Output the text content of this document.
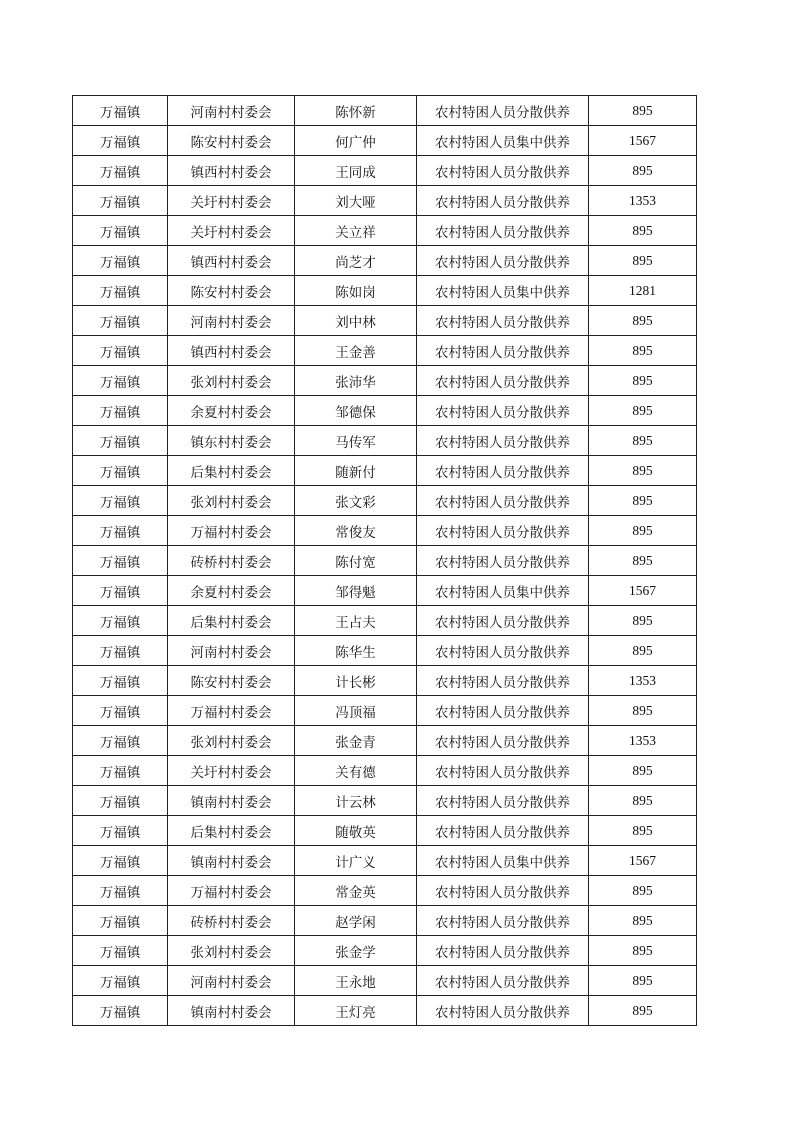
万福镇	河南村村委会	陈怀新	农村特困人员分散供养	895
万福镇	陈安村村委会	何广仲	农村特困人员集中供养	1567
万福镇	镇西村村委会	王同成	农村特困人员分散供养	895
万福镇	关圩村村委会	刘大哑	农村特困人员分散供养	1353
万福镇	关圩村村委会	关立祥	农村特困人员分散供养	895
万福镇	镇西村村委会	尚芝才	农村特困人员分散供养	895
万福镇	陈安村村委会	陈如岗	农村特困人员集中供养	1281
万福镇	河南村村委会	刘中林	农村特困人员分散供养	895
万福镇	镇西村村委会	王金善	农村特困人员分散供养	895
万福镇	张刘村村委会	张沛华	农村特困人员分散供养	895
万福镇	余夏村村委会	邹德保	农村特困人员分散供养	895
万福镇	镇东村村委会	马传军	农村特困人员分散供养	895
万福镇	后集村村委会	随新付	农村特困人员分散供养	895
万福镇	张刘村村委会	张文彩	农村特困人员分散供养	895
万福镇	万福村村委会	常俊友	农村特困人员分散供养	895
万福镇	砖桥村村委会	陈付宽	农村特困人员分散供养	895
万福镇	余夏村村委会	邹得魁	农村特困人员集中供养	1567
万福镇	后集村村委会	王占夫	农村特困人员分散供养	895
万福镇	河南村村委会	陈华生	农村特困人员分散供养	895
万福镇	陈安村村委会	计长彬	农村特困人员分散供养	1353
万福镇	万福村村委会	冯顶福	农村特困人员分散供养	895
万福镇	张刘村村委会	张金青	农村特困人员分散供养	1353
万福镇	关圩村村委会	关有德	农村特困人员分散供养	895
万福镇	镇南村村委会	计云林	农村特困人员分散供养	895
万福镇	后集村村委会	随敬英	农村特困人员分散供养	895
万福镇	镇南村村委会	计广义	农村特困人员集中供养	1567
万福镇	万福村村委会	常金英	农村特困人员分散供养	895
万福镇	砖桥村村委会	赵学闲	农村特困人员分散供养	895
万福镇	张刘村村委会	张金学	农村特困人员分散供养	895
万福镇	河南村村委会	王永地	农村特困人员分散供养	895
万福镇	镇南村村委会	王灯亮	农村特困人员分散供养	895
